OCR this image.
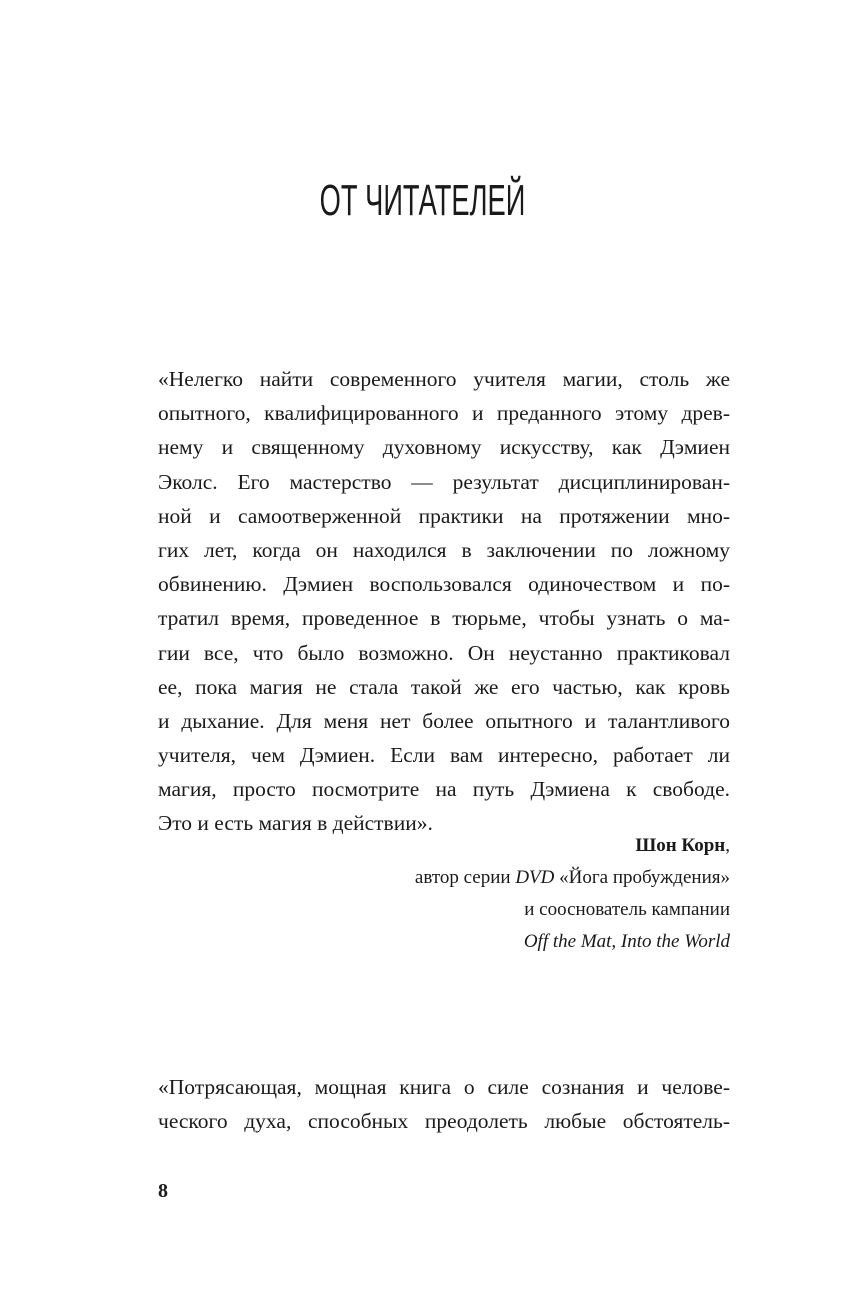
ОТ ЧИТАТЕЛЕЙ
«Нелегко найти современного учителя магии, столь же
опытного, квалифицированного и преданного этому древ-
нему и священному духовному искусству, как Дэмиен
Эколс. Его мастерство — результат дисциплинирован-
ной и самоотверженной практики на протяжении мно-
гих лет, когда он находился в заключении по ложному
обвинению. Дэмиен воспользовался одиночеством и по-
тратил время, проведенное в тюрьме, чтобы узнать о ма-
гии все, что было возможно. Он неустанно практиковал
ее, пока магия не стала такой же его частью, как кровь
и дыхание. Для меня нет более опытного и талантливого
учителя, чем Дэмиен. Если вам интересно, работает ли
магия, просто посмотрите на путь Дэмиена к свободе.
Это и есть магия в действии».
Шон Корн,
автор серии DVD «Йога пробуждения»
и сооснователь кампании
Off the Mat, Into the World
«Потрясающая, мощная книга о силе сознания и челове-
ческого духа, способных преодолеть любые обстоятель-
8
